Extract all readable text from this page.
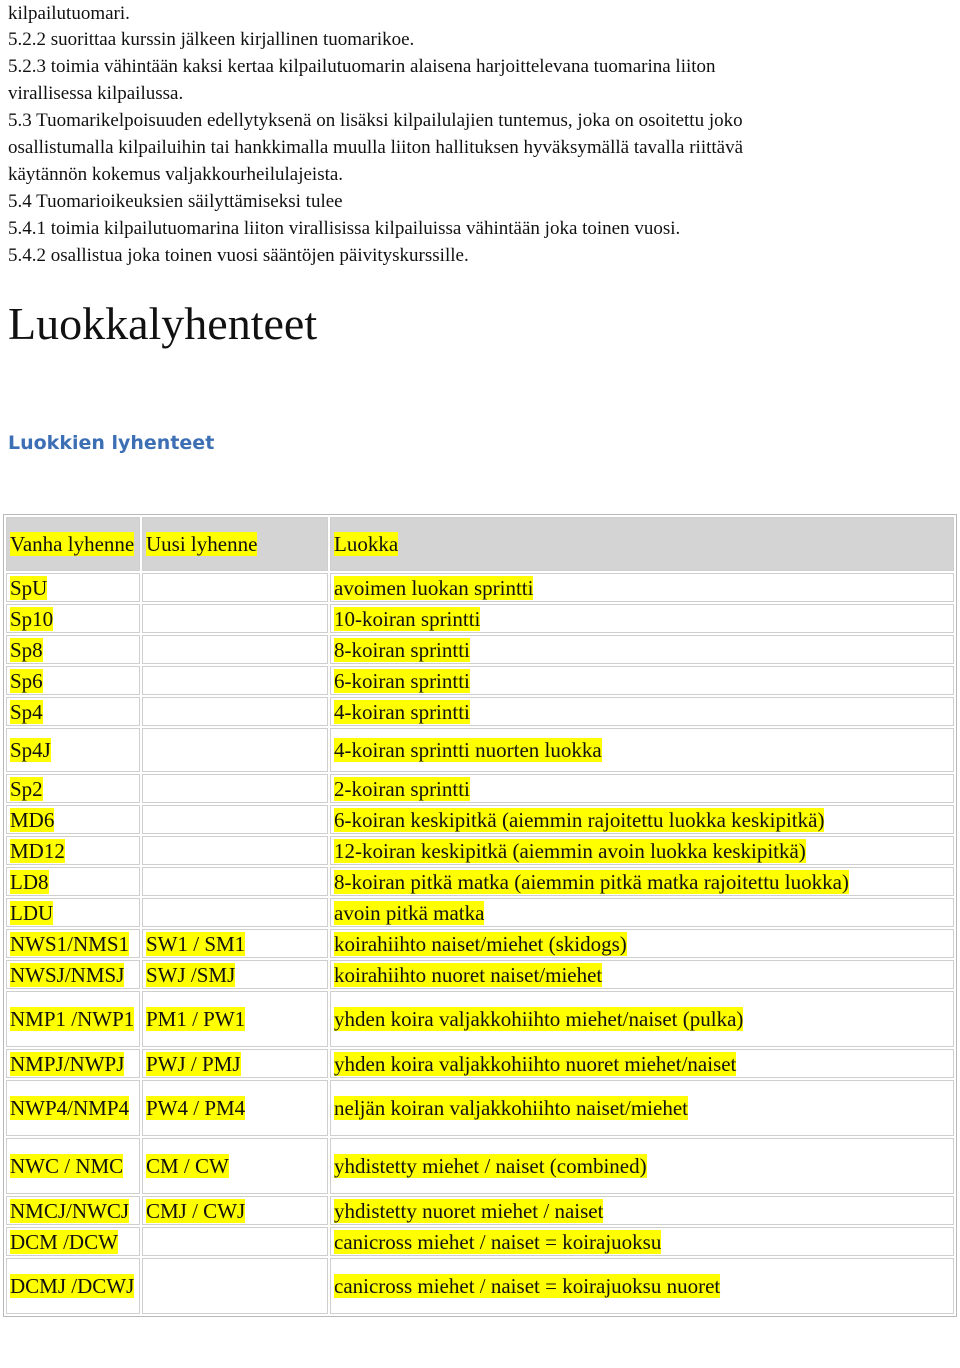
kilpailutuomari.
5.2.2 suorittaa kurssin jälkeen kirjallinen tuomarikoe.
5.2.3 toimia vähintään kaksi kertaa kilpailutuomarin alaisena harjoittelevana tuomarina liiton
virallisessa kilpailussa.
5.3 Tuomarikelpoisuuden edellytyksenä on lisäksi kilpailulajien tuntemus, joka on osoitettu joko
osallistumalla kilpailuihin tai hankkimalla muulla liiton hallituksen hyväksymällä tavalla riittävä
käytännön kokemus valjakkourheilulajeista.
5.4 Tuomarioikeuksien säilyttämiseksi tulee
5.4.1 toimia kilpailutuomarina liiton virallisissa kilpailuissa vähintään joka toinen vuosi.
5.4.2 osallistua joka toinen vuosi sääntöjen päivityskurssille.
Luokkalyhenteet
Luokkien lyhenteet
Vanha lyhenne	Uusi lyhenne	Luokka
SpU		avoimen luokan sprintti
Sp10		10-koiran sprintti
Sp8		8-koiran sprintti
Sp6		6-koiran sprintti
Sp4		4-koiran sprintti
Sp4J		4-koiran sprintti nuorten luokka
Sp2		2-koiran sprintti
MD6		6-koiran keskipitkä (aiemmin rajoitettu luokka keskipitkä)
MD12		12-koiran keskipitkä (aiemmin avoin luokka keskipitkä)
LD8		8-koiran pitkä matka (aiemmin pitkä matka rajoitettu luokka)
LDU		avoin pitkä matka
NWS1/NMS1	SW1 / SM1	koirahiihto naiset/miehet (skidogs)
NWSJ/NMSJ	SWJ /SMJ	koirahiihto nuoret naiset/miehet
NMP1 /NWP1	PM1 / PW1	yhden koira valjakkohiihto miehet/naiset (pulka)
NMPJ/NWPJ	PWJ / PMJ	yhden koira valjakkohiihto nuoret miehet/naiset
NWP4/NMP4	PW4 / PM4	neljän koiran valjakkohiihto naiset/miehet
NWC / NMC	CM / CW	yhdistetty miehet / naiset (combined)
NMCJ/NWCJ	CMJ / CWJ	yhdistetty nuoret miehet / naiset
DCM /DCW		canicross miehet / naiset = koirajuoksu
DCMJ /DCWJ		canicross miehet / naiset = koirajuoksu nuoret
